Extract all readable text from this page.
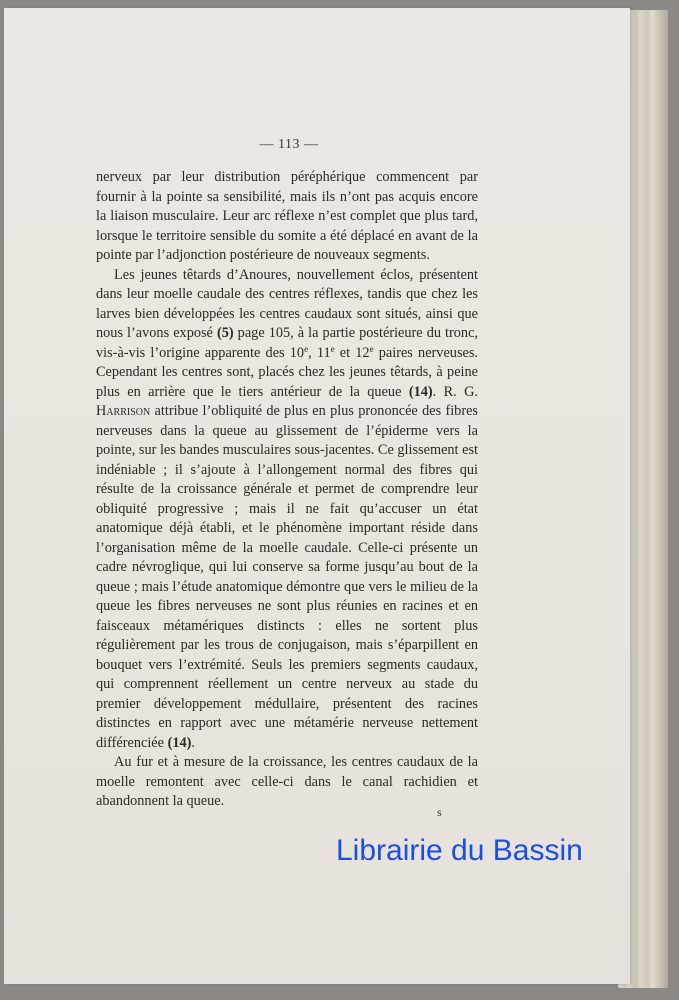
— 113 —

nerveux par leur distribution péréphérique commencent par fournir à la pointe sa sensibilité, mais ils n’ont pas acquis encore la liaison musculaire. Leur arc réflexe n’est complet que plus tard, lorsque le territoire sensible du somite a été déplacé en avant de la pointe par l’adjonction postérieure de nouveaux segments.

Les jeunes têtards d’Anoures, nouvellement éclos, présentent dans leur moelle caudale des centres réflexes, tandis que chez les larves bien développées les centres caudaux sont situés, ainsi que nous l’avons exposé (5) page 105, à la partie postérieure du tronc, vis-à-vis l’origine apparente des 10e, 11e et 12e paires nerveuses. Cependant les centres sont, placés chez les jeunes têtards, à peine plus en arrière que le tiers antérieur de la queue (14). R. G. Harrison attribue l’obliquité de plus en plus prononcée des fibres nerveuses dans la queue au glissement de l’épiderme vers la pointe, sur les bandes musculaires sous-jacentes. Ce glissement est indéniable ; il s’ajoute à l’allongement normal des fibres qui résulte de la croissance générale et permet de comprendre leur obliquité progressive ; mais il ne fait qu’accuser un état anatomique déjà établi, et le phénomène important réside dans l’organisation même de la moelle caudale. Celle-ci présente un cadre névroglique, qui lui conserve sa forme jusqu’au bout de la queue ; mais l’étude anatomique démontre que vers le milieu de la queue les fibres nerveuses ne sont plus réunies en racines et en faisceaux métamériques distincts : elles ne sortent plus régulièrement par les trous de conjugaison, mais s’éparpillent en bouquet vers l’extrémité. Seuls les premiers segments caudaux, qui comprennent réellement un centre nerveux au stade du premier développement médullaire, présentent des racines distinctes en rapport avec une métamérie nerveuse nettement différenciée (14).

Au fur et à mesure de la croissance, les centres caudaux de la moelle remontent avec celle-ci dans le canal rachidien et abandonnent la queue.

s
Librairie du Bassin
